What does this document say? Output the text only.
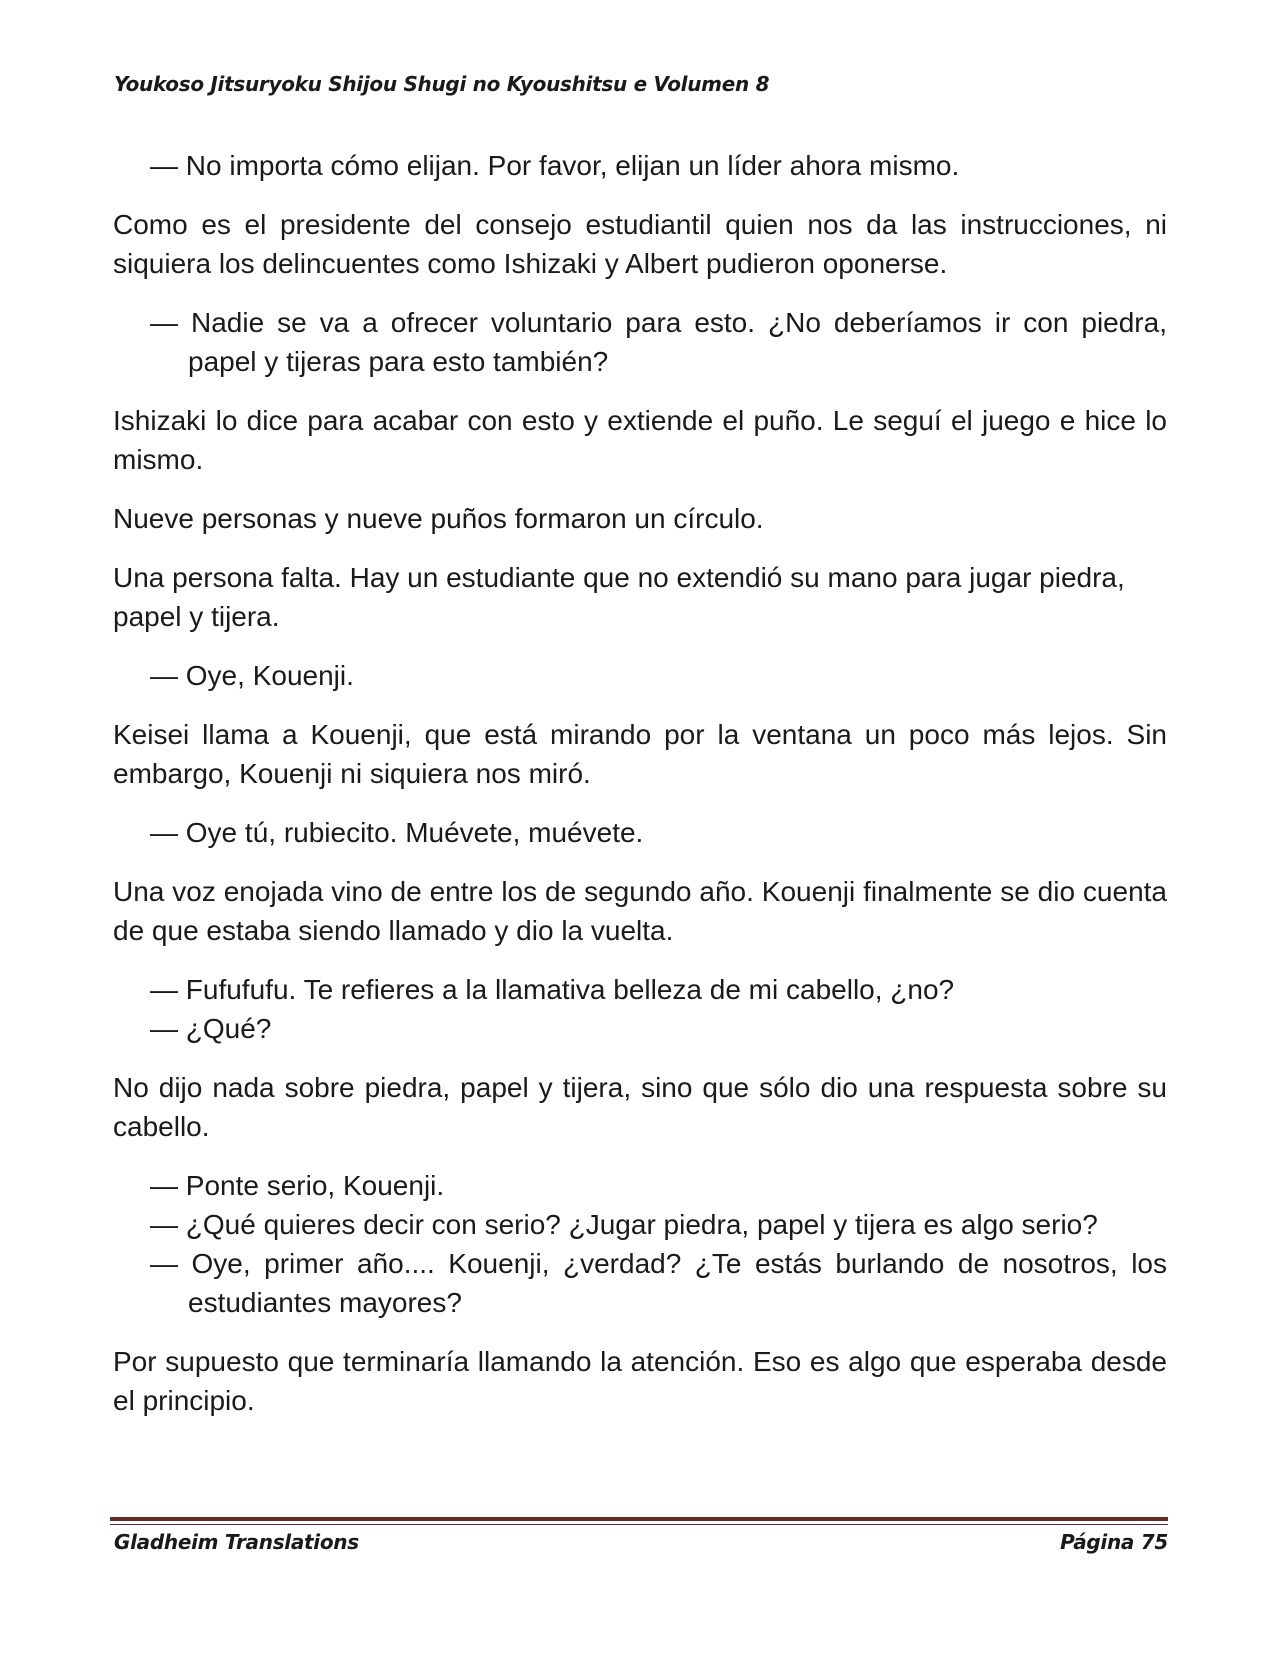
Youkoso Jitsuryoku Shijou Shugi no Kyoushitsu e Volumen 8

— No importa cómo elijan. Por favor, elijan un líder ahora mismo.

Como es el presidente del consejo estudiantil quien nos da las instrucciones, ni siquiera los delincuentes como Ishizaki y Albert pudieron oponerse.

— Nadie se va a ofrecer voluntario para esto. ¿No deberíamos ir con piedra, papel y tijeras para esto también?

Ishizaki lo dice para acabar con esto y extiende el puño. Le seguí el juego e hice lo mismo.

Nueve personas y nueve puños formaron un círculo.

Una persona falta. Hay un estudiante que no extendió su mano para jugar piedra, papel y tijera.

— Oye, Kouenji.

Keisei llama a Kouenji, que está mirando por la ventana un poco más lejos. Sin embargo, Kouenji ni siquiera nos miró.

— Oye tú, rubiecito. Muévete, muévete.

Una voz enojada vino de entre los de segundo año. Kouenji finalmente se dio cuenta de que estaba siendo llamado y dio la vuelta.

— Fufufufu. Te refieres a la llamativa belleza de mi cabello, ¿no?

— ¿Qué?

No dijo nada sobre piedra, papel y tijera, sino que sólo dio una respuesta sobre su cabello.

— Ponte serio, Kouenji.

— ¿Qué quieres decir con serio? ¿Jugar piedra, papel y tijera es algo serio?

— Oye, primer año.... Kouenji, ¿verdad? ¿Te estás burlando de nosotros, los estudiantes mayores?

Por supuesto que terminaría llamando la atención. Eso es algo que esperaba desde el principio.

Gladheim Translations	Página 75
